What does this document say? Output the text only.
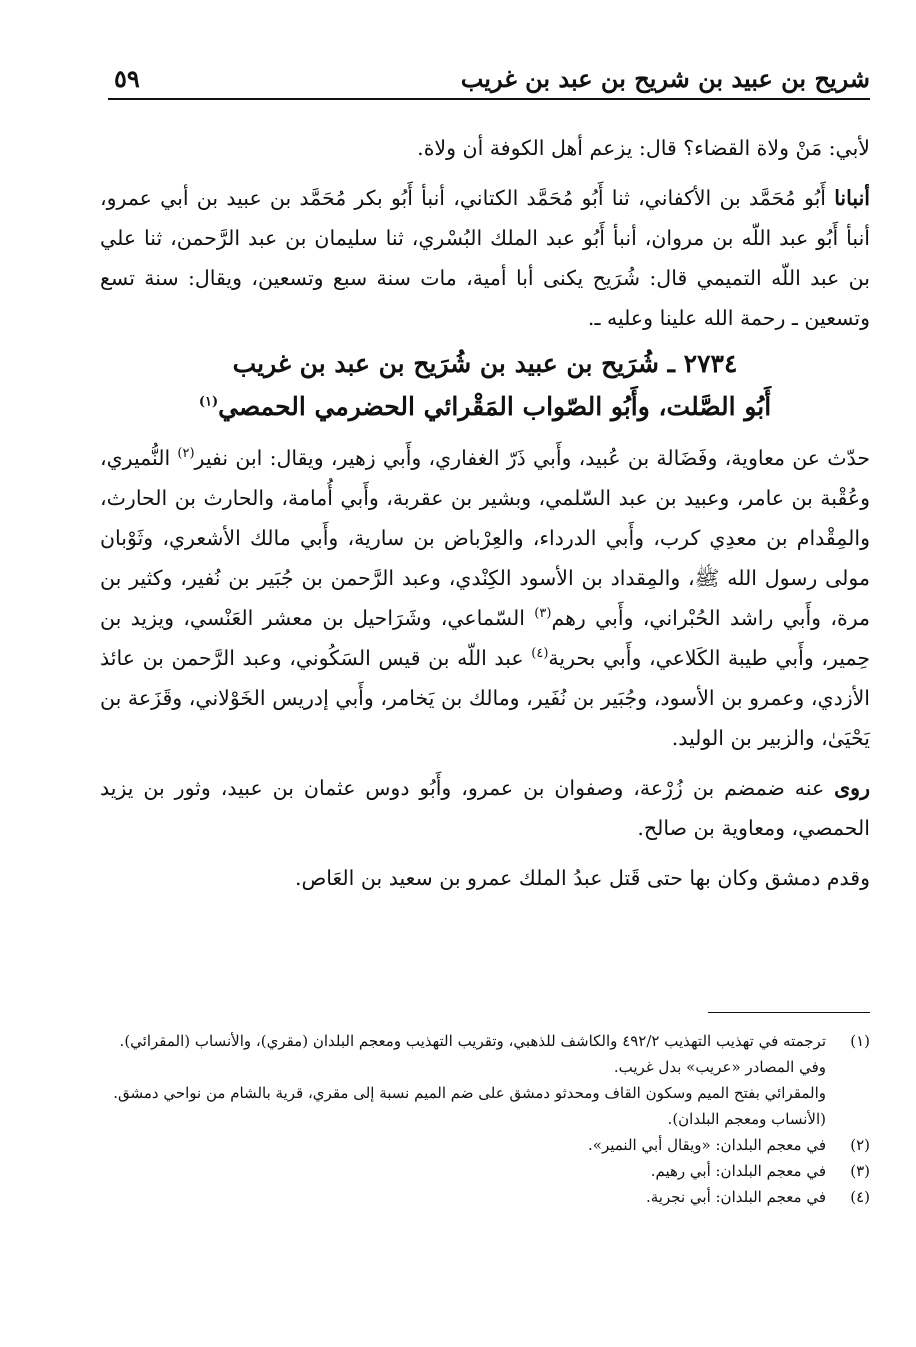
شريح بن عبيد بن شريح بن عبد بن غريب
٥٩

لأبي: مَنْ ولاة القضاء؟ قال: يزعم أهل الكوفة أن ولاة.

أنبانا أَبُو مُحَمَّد بن الأكفاني، ثنا أَبُو مُحَمَّد الكتاني، أنبأ أَبُو بكر مُحَمَّد بن عبيد بن أبي عمرو، أنبأ أَبُو عبد اللّه بن مروان، أنبأ أَبُو عبد الملك البُسْري، ثنا سليمان بن عبد الرَّحمن، ثنا علي بن عبد اللّه التميمي قال: شُرَيح يكنى أبا أمية، مات سنة سبع وتسعين، ويقال: سنة تسع وتسعين ـ رحمة الله علينا وعليه ـ.

٢٧٣٤ ـ شُرَيح بن عبيد بن شُرَيح بن عبد بن غريب
أَبُو الصَّلت، وأَبُو الصّواب المَقْرائي الحضرمي الحمصي$^{(١)}$

حدّث عن معاوية، وفَضَالة بن عُبيد، وأَبي ذَرّ الغفاري، وأَبي زهير، ويقال: ابن نفير$^{(٢)}$ النُّميري، وعُقْبة بن عامر، وعبيد بن عبد السّلمي، وبشير بن عقربة، وأَبي أُمامة، والحارث بن الحارث، والمِقْدام بن معدِي كرب، وأَبي الدرداء، والعِرْباض بن سارية، وأَبي مالك الأشعري، وثَوْبان مولى رسول الله ﷺ، والمِقداد بن الأسود الكِنْدي، وعبد الرَّحمن بن جُبَير بن نُفير، وكثير بن مرة، وأَبي راشد الحُبْراني، وأَبي رهم$^{(٣)}$ السّماعي، وشَرَاحيل بن معشر العَنْسي، ويزيد بن حِمير، وأَبي طيبة الكَلاعي، وأَبي بحرية$^{(٤)}$ عبد اللّه بن قيس السَكُوني، وعبد الرَّحمن بن عائذ الأزدي، وعمرو بن الأسود، وجُبَير بن نُفَير، ومالك بن يَخامر، وأَبي إدريس الخَوْلاني، وقَزَعة بن يَحْيَىٰ، والزبير بن الوليد.

روى عنه ضمضم بن زُرْعة، وصفوان بن عمرو، وأَبُو دوس عثمان بن عبيد، وثور بن يزيد الحمصي، ومعاوية بن صالح.

وقدم دمشق وكان بها حتى قَتل عبدُ الملك عمرو بن سعيد بن العَاص.

(١)
ترجمته في تهذيب التهذيب ٤٩٢/٢ والكاشف للذهبي، وتقريب التهذيب ومعجم البلدان (مقري)، والأنساب (المقرائي).
وفي المصادر «عريب» بدل غريب.
والمقرائي بفتح الميم وسكون القاف ومحدثو دمشق على ضم الميم نسبة إلى مقري، قرية بالشام من نواحي دمشق. (الأنساب ومعجم البلدان).
(٢)
في معجم البلدان: «ويقال أبي النمير».
(٣)
في معجم البلدان: أبي رهيم.
(٤)
في معجم البلدان: أبي نجرية.
